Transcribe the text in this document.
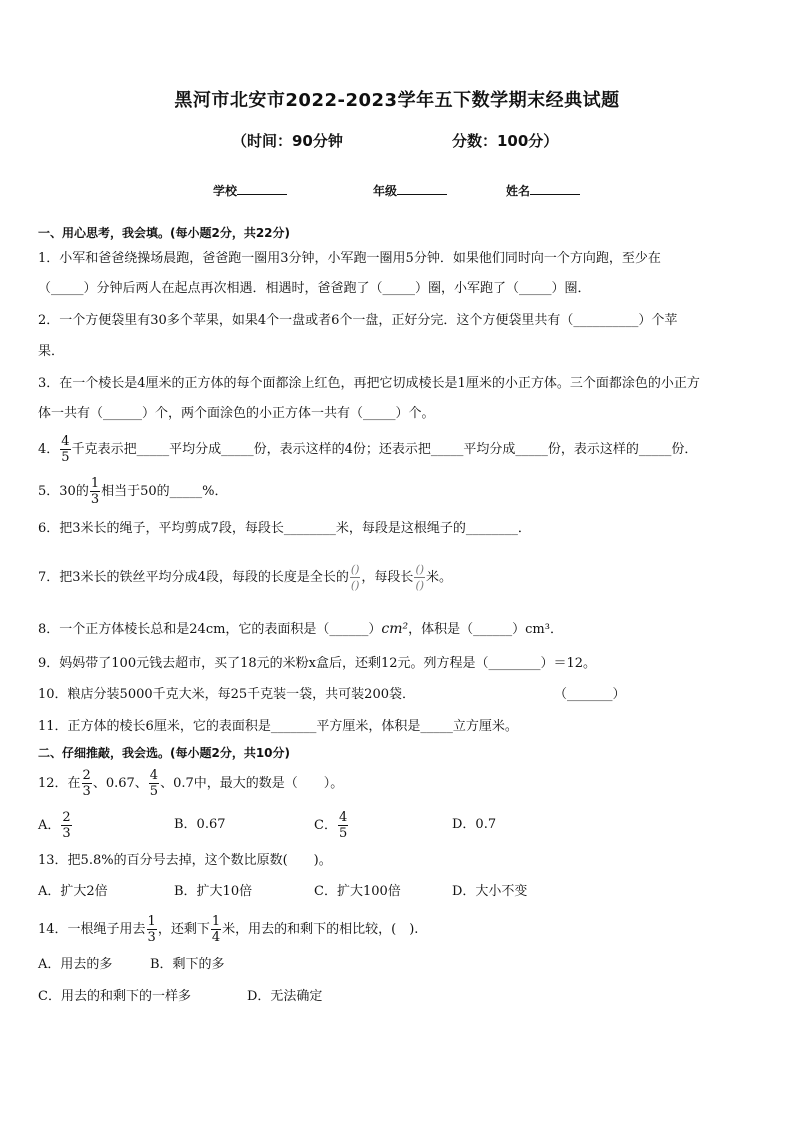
黑河市北安市2022-2023学年五下数学期末经典试题
（时间：90分钟	分数：100分）
学校	年级	姓名
一、用心思考，我会填。(每小题2分，共22分)
1．小军和爸爸绕操场晨跑，爸爸跑一圈用3分钟，小军跑一圈用5分钟．如果他们同时向一个方向跑，至少在
（_____）分钟后两人在起点再次相遇．相遇时，爸爸跑了（_____）圈，小军跑了（_____）圈．
2．一个方便袋里有30多个苹果，如果4个一盘或者6个一盘，正好分完．这个方便袋里共有（__________）个苹
果．
3．在一个棱长是4厘米的正方体的每个面都涂上红色，再把它切成棱长是1厘米的小正方体。三个面都涂色的小正方
体一共有（______）个，两个面涂色的小正方体一共有（_____）个。
4． $\frac{4}{5}$ 千克表示把_____平均分成_____份，表示这样的4份；还表示把_____平均分成_____份，表示这样的_____份．
5．30的 $\frac{1}{3}$ 相当于50的_____%．
6．把3米长的绳子，平均剪成7段，每段长________米，每段是这根绳子的________．
7．把3米长的铁丝平均分成4段，每段的长度是全长的 $\frac{()}{()}$ ，每段长 $\frac{()}{()}$ 米。
8．一个正方体棱长总和是24cm，它的表面积是（______）cm²，体积是（______）cm³．
9．妈妈带了100元钱去超市，买了18元的米粉x盒后，还剩12元。列方程是（________）＝12。
10．粮店分装5000千克大米，每25千克装一袋，共可装200袋．	（_______）
11．正方体的棱长6厘米，它的表面积是_______平方厘米，体积是_____立方厘米。
二、仔细推敲，我会选。(每小题2分，共10分)
12．在 $\frac{2}{3}$ 、0.67、 $\frac{4}{5}$ 、0.7中，最大的数是（　　）。
A． $\frac{2}{3}$	B．0.67	C． $\frac{4}{5}$	D．0.7
13．把5.8%的百分号去掉，这个数比原数(　　)。
A．扩大2倍	B．扩大10倍	C．扩大100倍	D．大小不变
14．一根绳子用去 $\frac{1}{3}$ ，还剩下 $\frac{1}{4}$ 米，用去的和剩下的相比较，(　).
A．用去的多	B．剩下的多
C．用去的和剩下的一样多	D．无法确定
